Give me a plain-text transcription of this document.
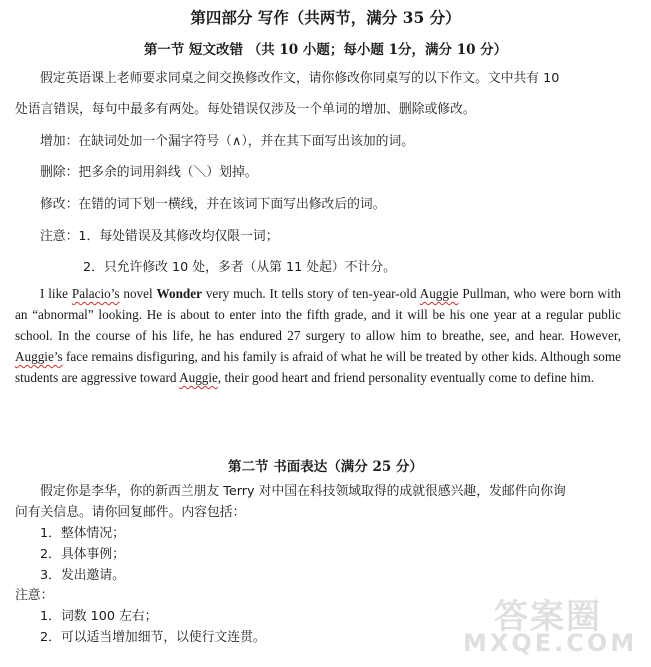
第四部分 写作（共两节，满分 35 分）
第一节 短文改错 （共 10 小题；每小题 1分，满分 10 分）
假定英语课上老师要求同桌之间交换修改作文，请你修改你同桌写的以下作文。文中共有 10
处语言错误，每句中最多有两处。每处错误仅涉及一个单词的增加、删除或修改。
增加：在缺词处加一个漏字符号（∧），并在其下面写出该加的词。
删除：把多余的词用斜线（＼）划掉。
修改：在错的词下划一横线，并在该词下面写出修改后的词。
注意：1．每处错误及其修改均仅限一词；
2．只允许修改 10 处，多者（从第 11 处起）不计分。
I like Palacio’s novel Wonder very much. It tells story of ten-year-old Auggie Pullman, who were born with an “abnormal” looking. He is about to enter into the fifth grade, and it will be his one year at a regular public school. In the course of his life, he has endured 27 surgery to allow him to breathe, see, and hear. However, Auggie’s face remains disfiguring, and his family is afraid of what he will be treated by other kids. Although some students are aggressive toward Auggie, their good heart and friend personality eventually come to define him.
第二节 书面表达（满分 25 分）
假定你是李华，你的新西兰朋友 Terry 对中国在科技领域取得的成就很感兴趣，发邮件向你询
问有关信息。请你回复邮件。内容包括：
1．整体情况；
2．具体事例；
3．发出邀请。
注意：
1．词数 100 左右；
2．可以适当增加细节，以使行文连贯。
答案圈
MXQE.COM
